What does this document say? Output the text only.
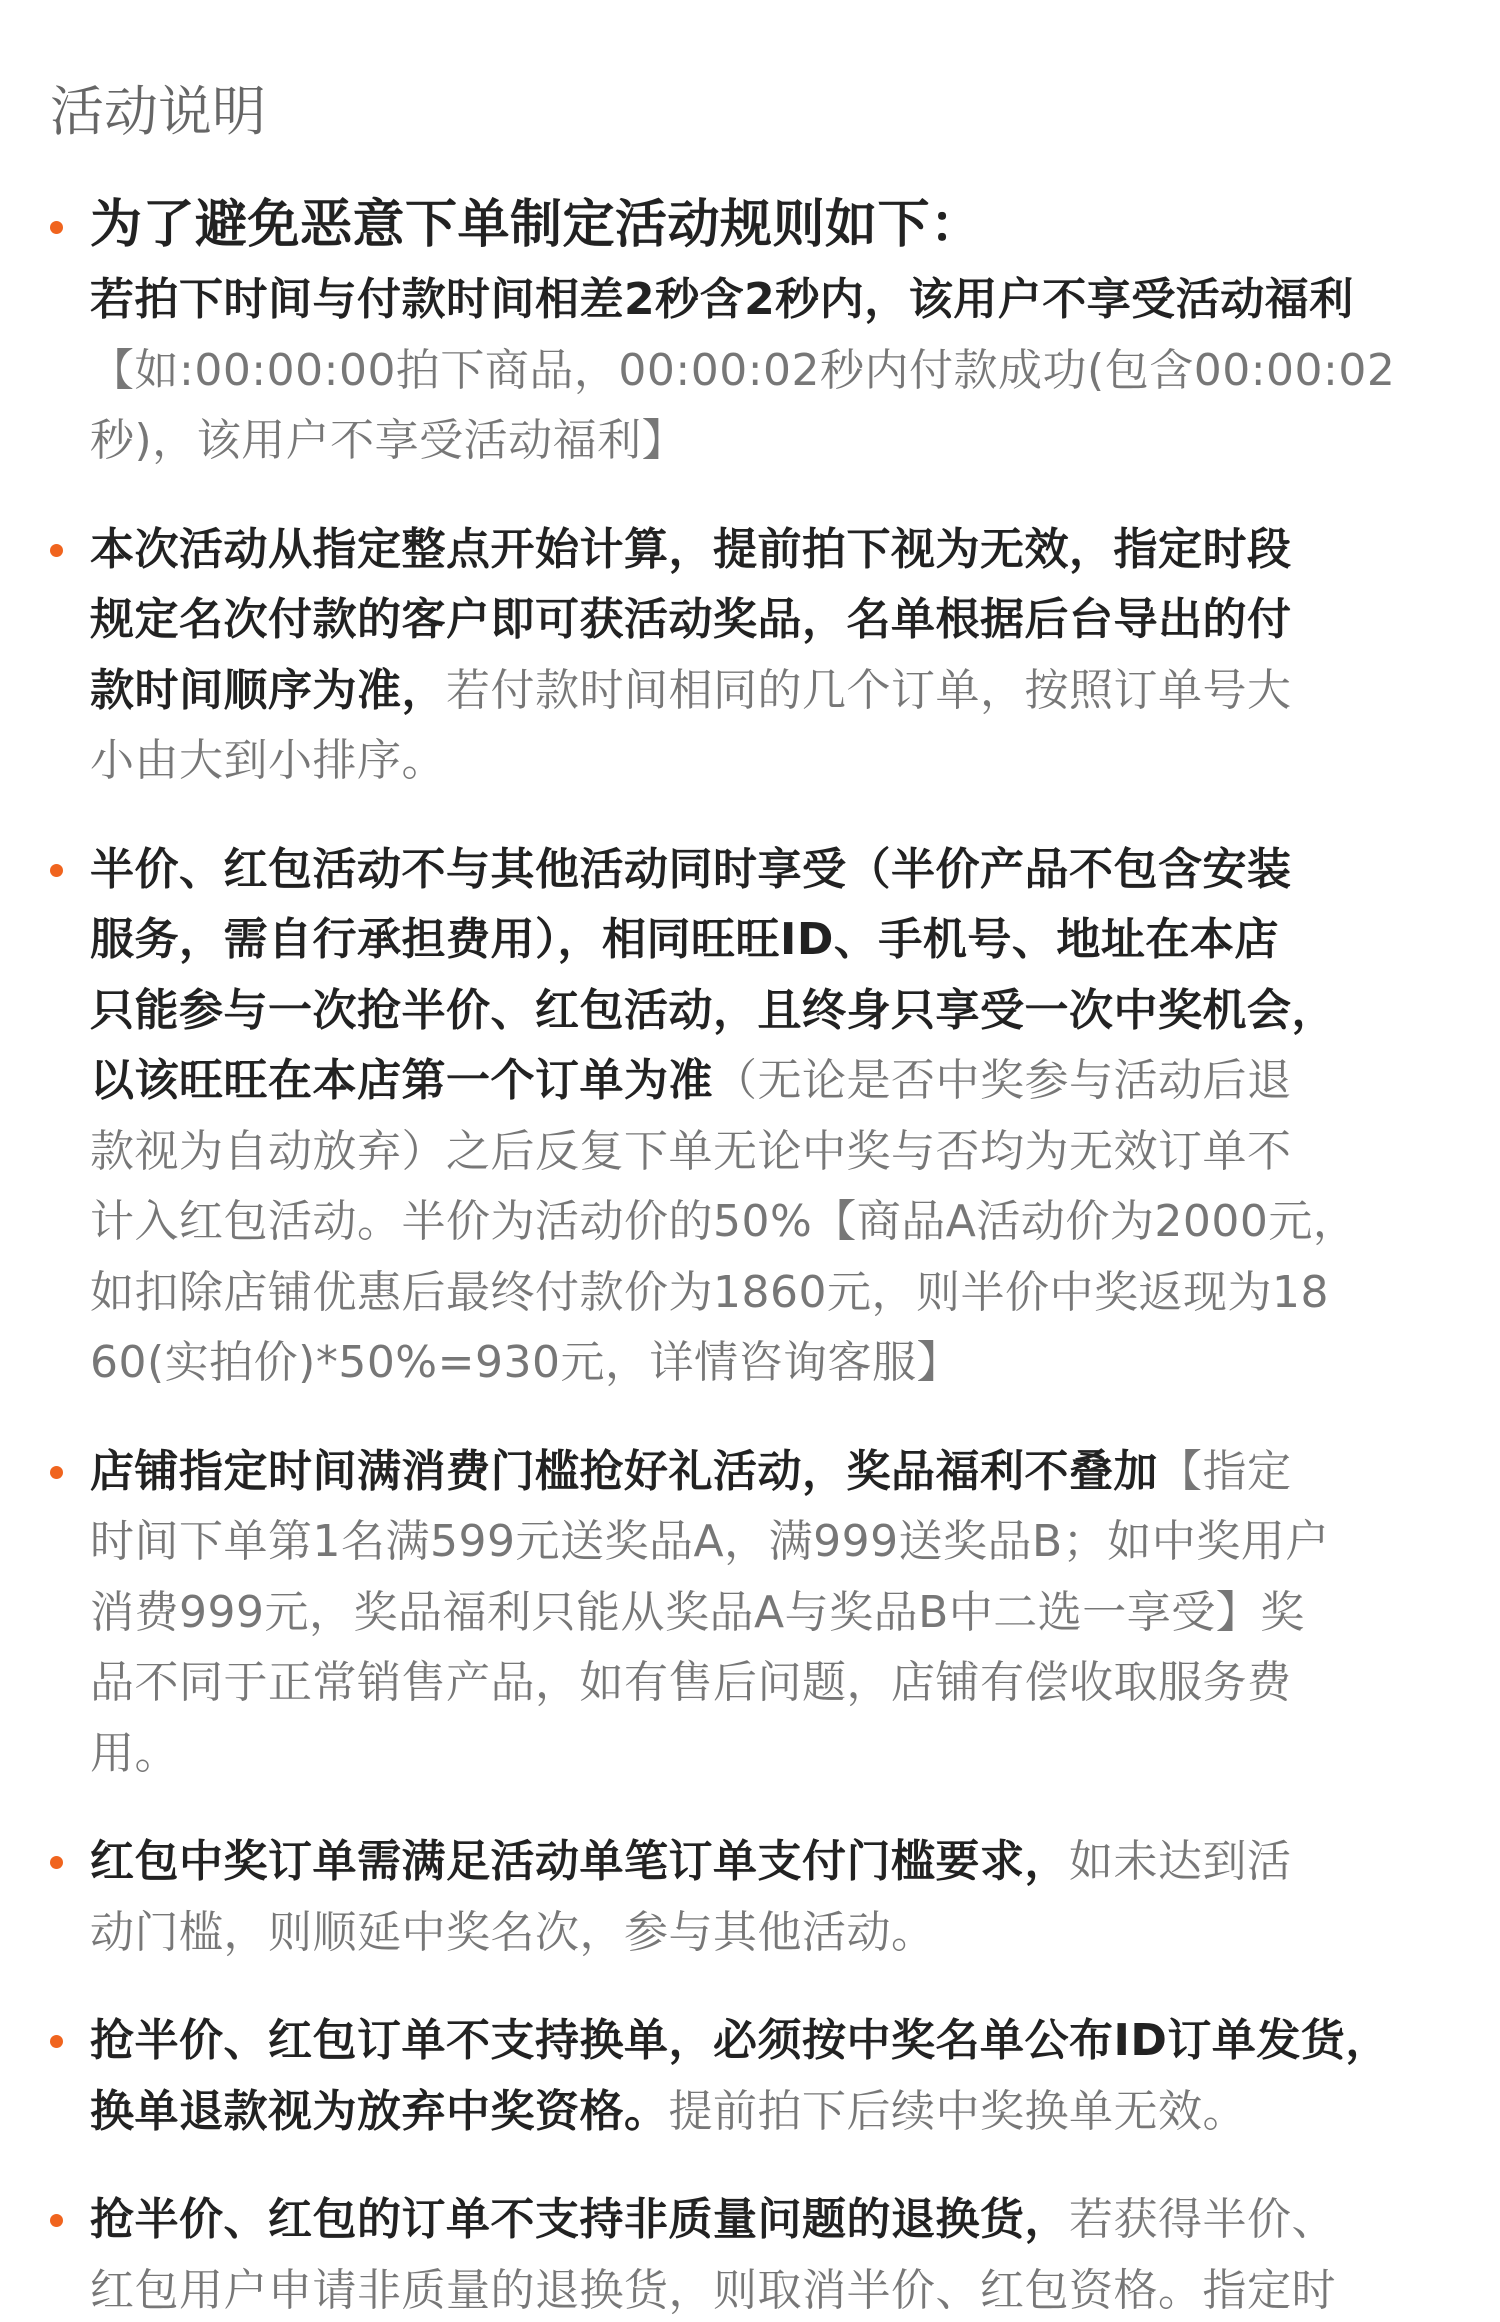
活动说明
为了避免恶意下单制定活动规则如下：
若拍下时间与付款时间相差2秒含2秒内，该用户不享受活动福利
【如:00:00:00拍下商品，00:00:02秒内付款成功(包含00:00:02
秒)，该用户不享受活动福利】
本次活动从指定整点开始计算，提前拍下视为无效，指定时段
规定名次付款的客户即可获活动奖品，名单根据后台导出的付
款时间顺序为准，若付款时间相同的几个订单，按照订单号大
小由大到小排序。
半价、红包活动不与其他活动同时享受（半价产品不包含安装
服务，需自行承担费用），相同旺旺ID、手机号、地址在本店
只能参与一次抢半价、红包活动，且终身只享受一次中奖机会，
以该旺旺在本店第一个订单为准（无论是否中奖参与活动后退
款视为自动放弃）之后反复下单无论中奖与否均为无效订单不
计入红包活动。半价为活动价的50%【商品A活动价为2000元，
如扣除店铺优惠后最终付款价为1860元，则半价中奖返现为18
60(实拍价)*50%=930元，详情咨询客服】
店铺指定时间满消费门槛抢好礼活动，奖品福利不叠加【指定
时间下单第1名满599元送奖品A，满999送奖品B；如中奖用户
消费999元，奖品福利只能从奖品A与奖品B中二选一享受】奖
品不同于正常销售产品，如有售后问题，店铺有偿收取服务费
用。
红包中奖订单需满足活动单笔订单支付门槛要求，如未达到活
动门槛，则顺延中奖名次，参与其他活动。
抢半价、红包订单不支持换单，必须按中奖名单公布ID订单发货，
换单退款视为放弃中奖资格。提前拍下后续中奖换单无效。
抢半价、红包的订单不支持非质量问题的退换货，若获得半价、
红包用户申请非质量的退换货，则取消半价、红包资格。指定时
